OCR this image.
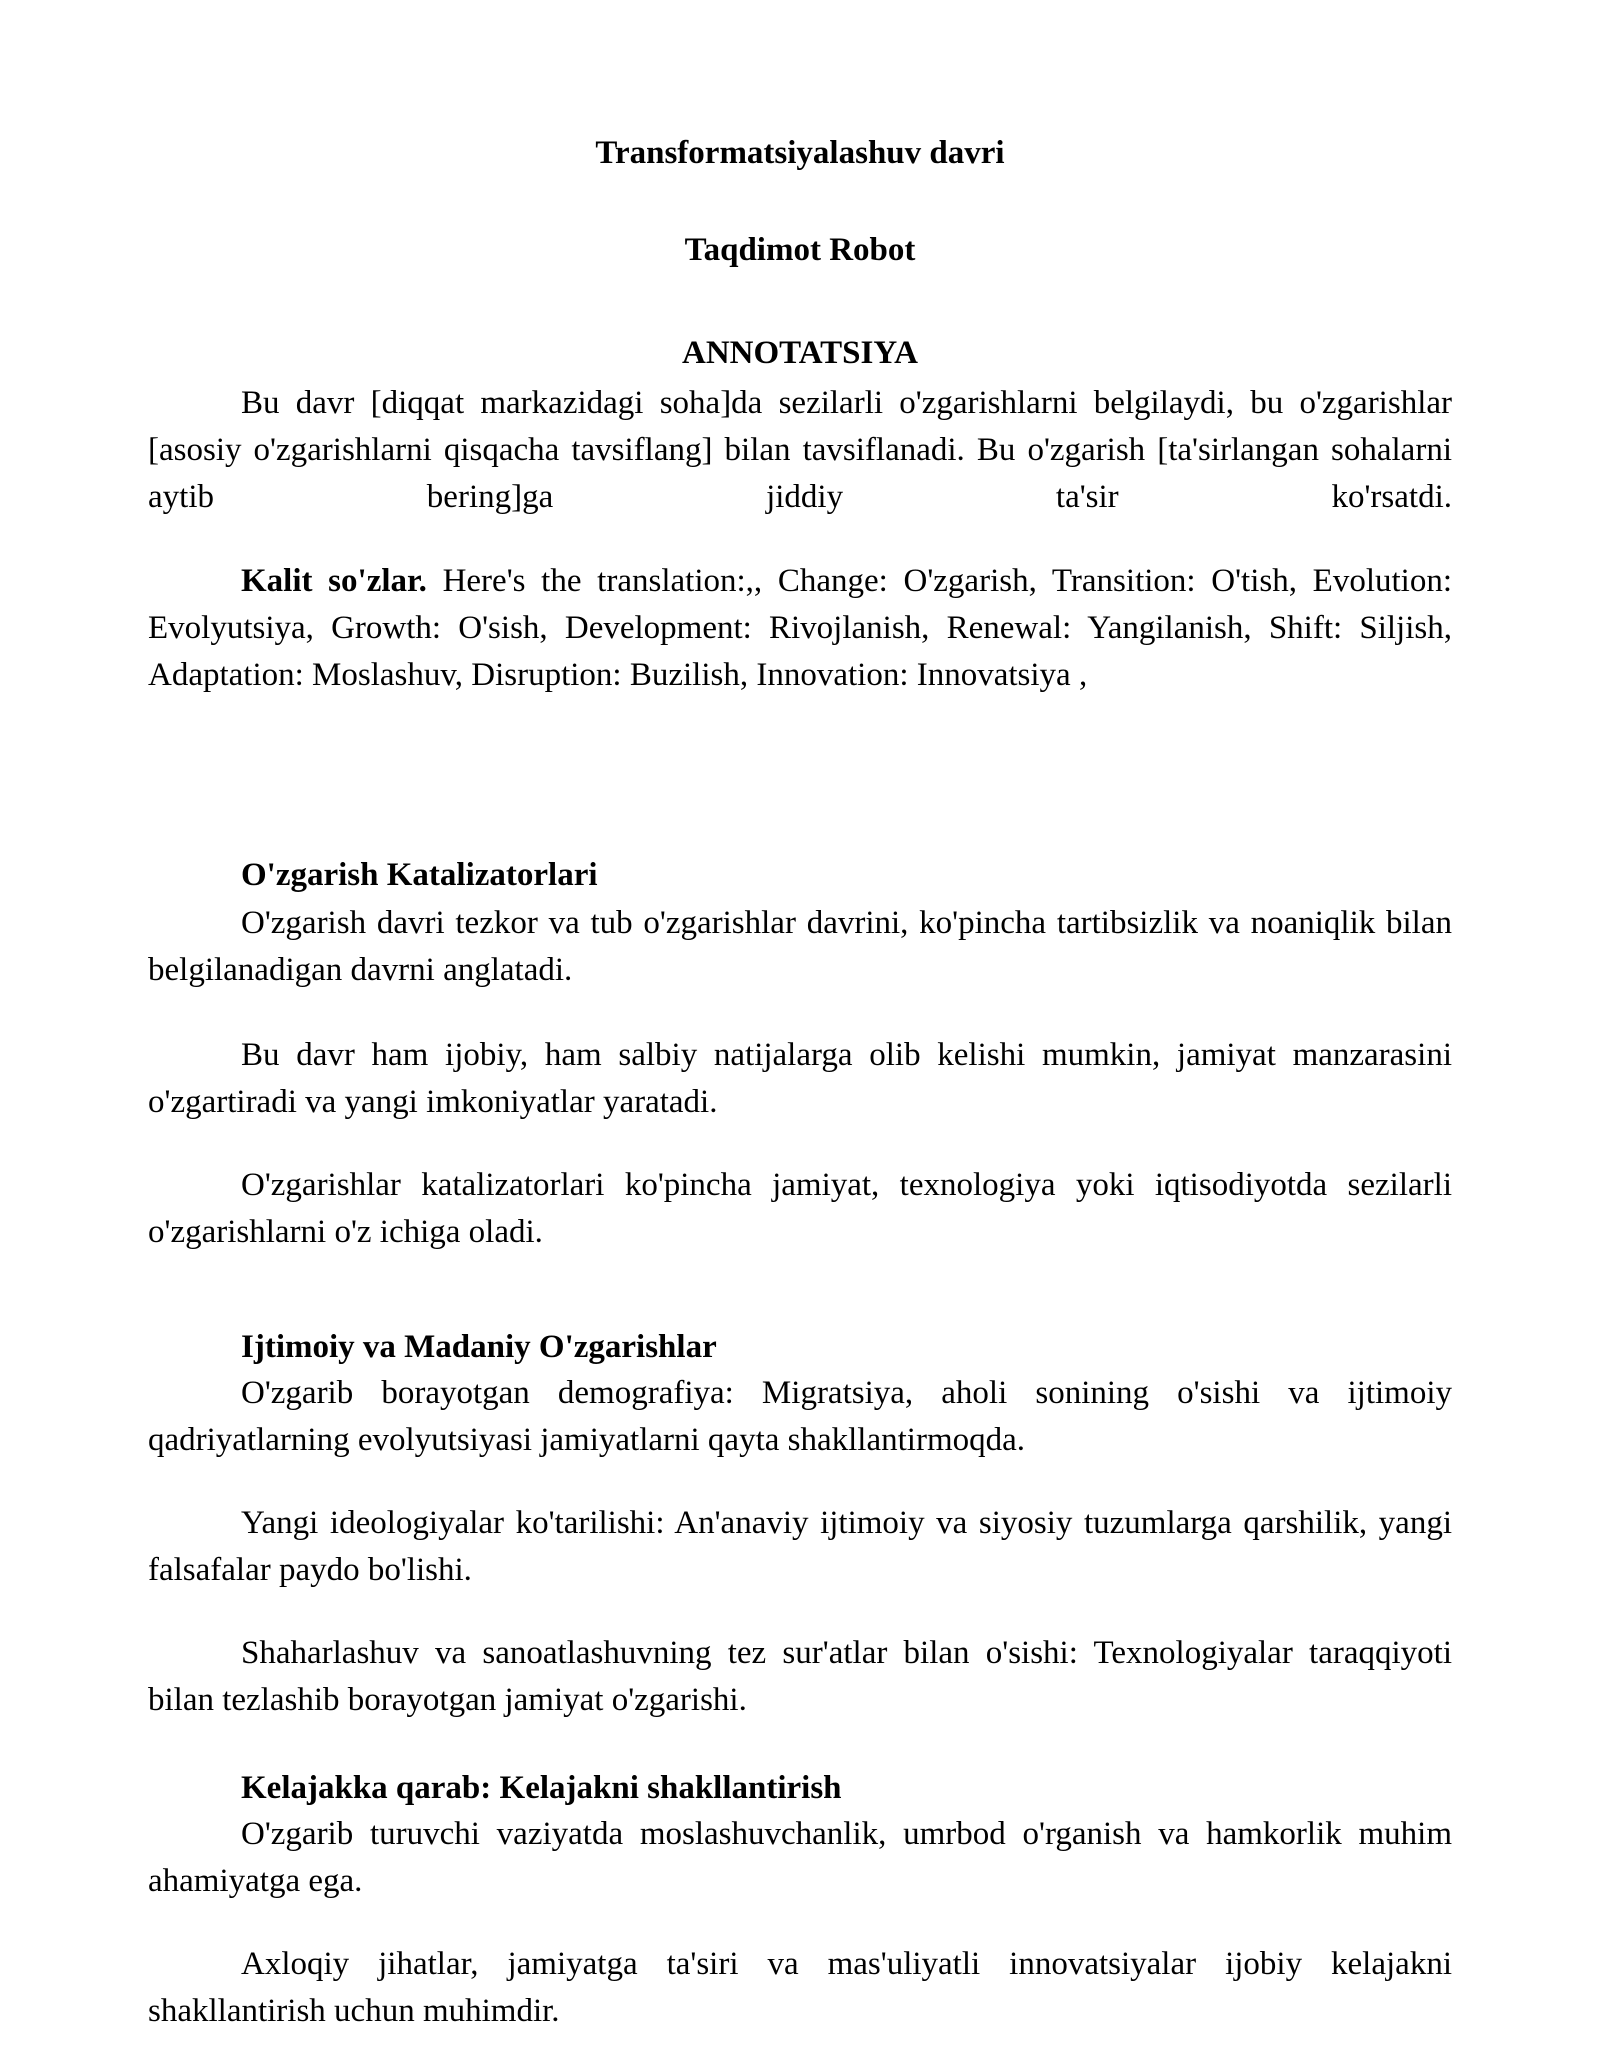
Transformatsiyalashuv davri
Taqdimot Robot
ANNOTATSIYA

Bu davr [diqqat markazidagi soha]da sezilarli o'zgarishlarni belgilaydi, bu o'zgarishlar [asosiy o'zgarishlarni qisqacha tavsiflang] bilan tavsiflanadi. Bu o'zgarish [ta'sirlangan sohalarni aytib bering]ga jiddiy ta'sir ko'rsatdi.

Kalit so'zlar. Here's the translation:,, Change: O'zgarish, Transition: O'tish, Evolution: Evolyutsiya, Growth: O'sish, Development: Rivojlanish, Renewal: Yangilanish, Shift: Siljish, Adaptation: Moslashuv, Disruption: Buzilish, Innovation: Innovatsiya ,

O'zgarish Katalizatorlari

O'zgarish davri tezkor va tub o'zgarishlar davrini, ko'pincha tartibsizlik va noaniqlik bilan belgilanadigan davrni anglatadi.

Bu davr ham ijobiy, ham salbiy natijalarga olib kelishi mumkin, jamiyat manzarasini o'zgartiradi va yangi imkoniyatlar yaratadi.

O'zgarishlar katalizatorlari ko'pincha jamiyat, texnologiya yoki iqtisodiyotda sezilarli o'zgarishlarni o'z ichiga oladi.

Ijtimoiy va Madaniy O'zgarishlar

O'zgarib borayotgan demografiya: Migratsiya, aholi sonining o'sishi va ijtimoiy qadriyatlarning evolyutsiyasi jamiyatlarni qayta shakllantirmoqda.

Yangi ideologiyalar ko'tarilishi: An'anaviy ijtimoiy va siyosiy tuzumlarga qarshilik, yangi falsafalar paydo bo'lishi.

Shaharlashuv va sanoatlashuvning tez sur'atlar bilan o'sishi: Texnologiyalar taraqqiyoti bilan tezlashib borayotgan jamiyat o'zgarishi.

Kelajakka qarab: Kelajakni shakllantirish

O'zgarib turuvchi vaziyatda moslashuvchanlik, umrbod o'rganish va hamkorlik muhim ahamiyatga ega.

Axloqiy jihatlar, jamiyatga ta'siri va mas'uliyatli innovatsiyalar ijobiy kelajakni shakllantirish uchun muhimdir.
